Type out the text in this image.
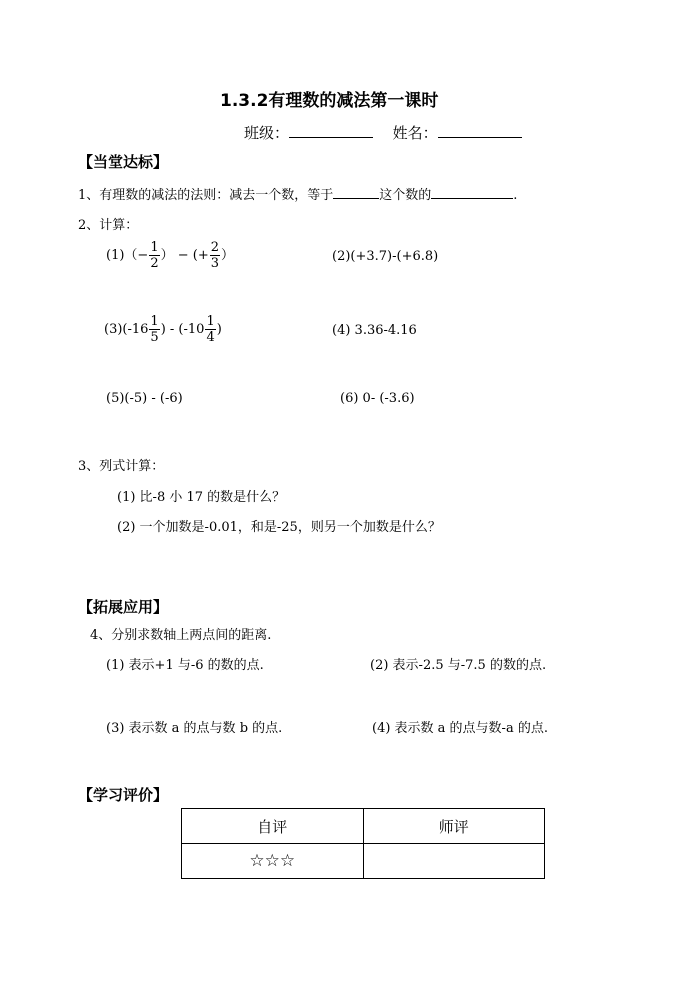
1.3.2有理数的减法第一课时
班级：	姓名：
【当堂达标】
1、有理数的减法的法则：减去一个数，等于	这个数的	.
2、计算：
$(1)(- \frac{1}{2}$ ） − (+ $\frac{2}{3}$ ）	(2)(+3.7)-(+6.8)
$(3)(-16 \frac{1}{5}$ ) - ($-10 \frac{1}{4}$ )	(4) 3.36-4.16
(5)(-5) - (-6)	(6) 0- (-3.6)
3、列式计算：
(1) 比-8 小 17 的数是什么？
(2) 一个加数是-0.01，和是-25，则另一个加数是什么？
【拓展应用】
4、分别求数轴上两点间的距离.
(1) 表示+1 与-6 的数的点.	(2) 表示-2.5 与-7.5 的数的点.
(3) 表示数 a 的点与数 b 的点.	(4) 表示数 a 的点与数-a 的点.
【学习评价】
自评	师评
☆☆☆	
